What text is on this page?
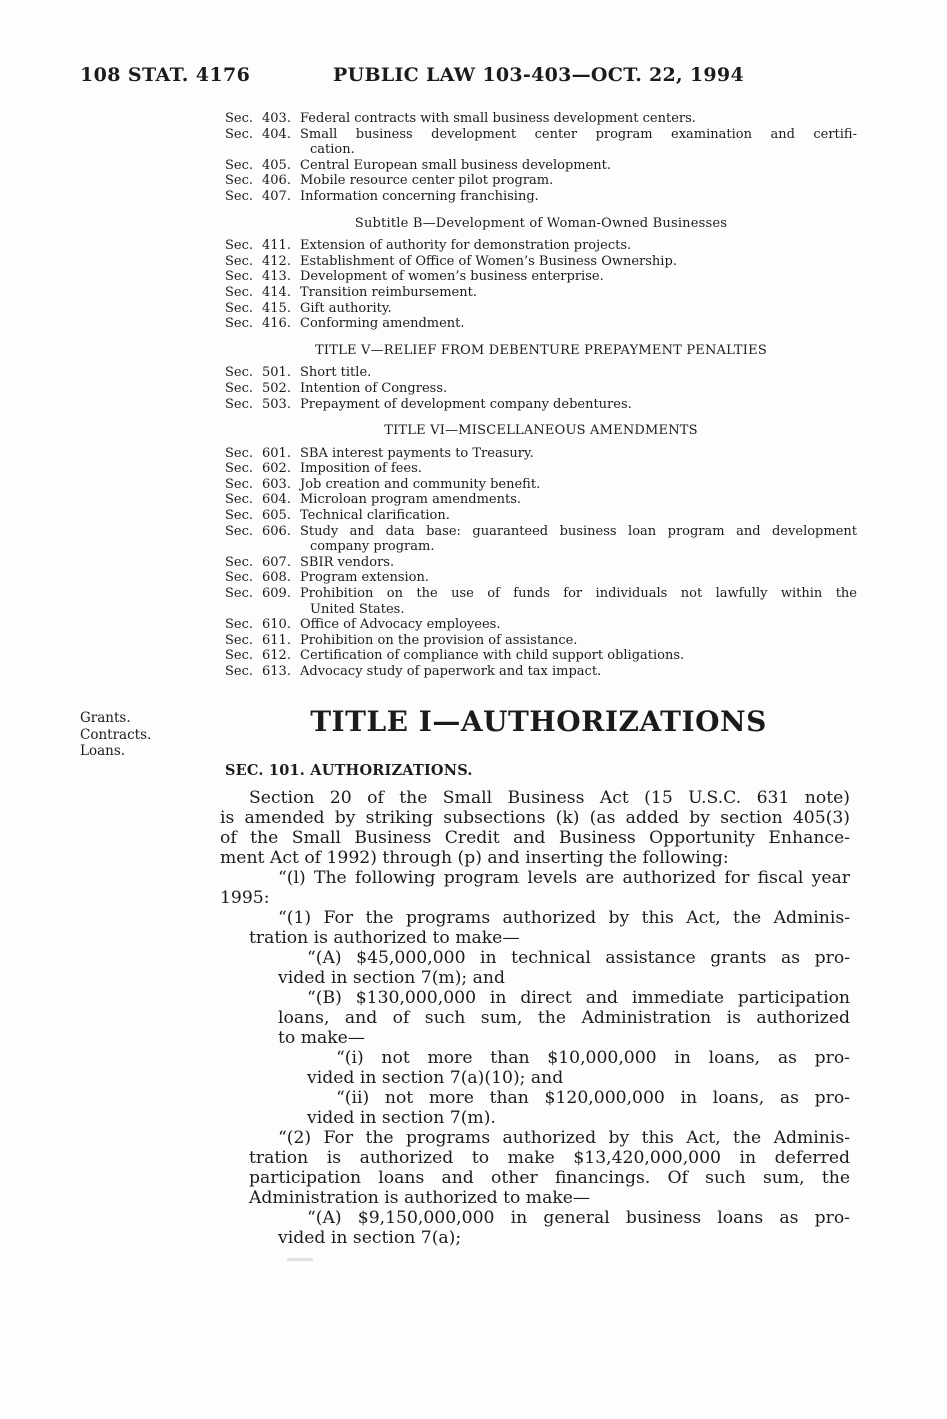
108 STAT. 4176	PUBLIC LAW 103-403—OCT. 22, 1994
Sec. 403. Federal contracts with small business development centers.
Sec. 404. Small business development center program examination and certifi-
cation.
Sec. 405. Central European small business development.
Sec. 406. Mobile resource center pilot program.
Sec. 407. Information concerning franchising.
Subtitle B—Development of Woman-Owned Businesses
Sec. 411. Extension of authority for demonstration projects.
Sec. 412. Establishment of Office of Women’s Business Ownership.
Sec. 413. Development of women’s business enterprise.
Sec. 414. Transition reimbursement.
Sec. 415. Gift authority.
Sec. 416. Conforming amendment.
TITLE V—RELIEF FROM DEBENTURE PREPAYMENT PENALTIES
Sec. 501. Short title.
Sec. 502. Intention of Congress.
Sec. 503. Prepayment of development company debentures.
TITLE VI—MISCELLANEOUS AMENDMENTS
Sec. 601. SBA interest payments to Treasury.
Sec. 602. Imposition of fees.
Sec. 603. Job creation and community benefit.
Sec. 604. Microloan program amendments.
Sec. 605. Technical clarification.
Sec. 606. Study and data base: guaranteed business loan program and development
company program.
Sec. 607. SBIR vendors.
Sec. 608. Program extension.
Sec. 609. Prohibition on the use of funds for individuals not lawfully within the
United States.
Sec. 610. Office of Advocacy employees.
Sec. 611. Prohibition on the provision of assistance.
Sec. 612. Certification of compliance with child support obligations.
Sec. 613. Advocacy study of paperwork and tax impact.
Grants.
Contracts.
Loans.
TITLE I—AUTHORIZATIONS
SEC. 101. AUTHORIZATIONS.
Section 20 of the Small Business Act (15 U.S.C. 631 note)
is amended by striking subsections (k) (as added by section 405(3)
of the Small Business Credit and Business Opportunity Enhance-
ment Act of 1992) through (p) and inserting the following:
“(l) The following program levels are authorized for fiscal year
1995:
“(1) For the programs authorized by this Act, the Adminis-
tration is authorized to make—
“(A) $45,000,000 in technical assistance grants as pro-
vided in section 7(m); and
“(B) $130,000,000 in direct and immediate participation
loans, and of such sum, the Administration is authorized
to make—
“(i) not more than $10,000,000 in loans, as pro-
vided in section 7(a)(10); and
“(ii) not more than $120,000,000 in loans, as pro-
vided in section 7(m).
“(2) For the programs authorized by this Act, the Adminis-
tration is authorized to make $13,420,000,000 in deferred
participation loans and other financings. Of such sum, the
Administration is authorized to make—
“(A) $9,150,000,000 in general business loans as pro-
vided in section 7(a);
